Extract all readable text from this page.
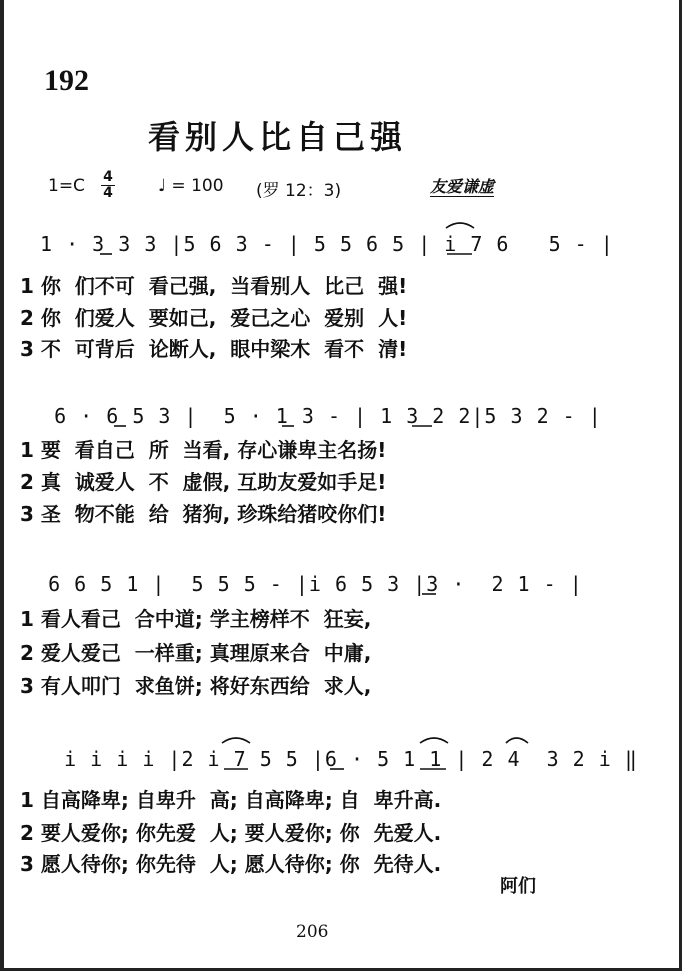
192
看别人比自己强
1=C 4
4	♩ = 100 (罗 12：3)	友爱谦虚
1 · 3 3 3 |5 6 3 - | 5 5 6 5 | i 7 6   5 - |
1 你  们不可  看己强,  当看别人  比己  强!
2 你  们爱人  要如己,  爱己之心  爱别  人!
3 不  可背后  论断人,  眼中梁木  看不  清!
6 · 6 5 3 |  5 · 1 3 - | 1 3 2 2|5 3 2 - |
1 要  看自己  所  当看, 存心谦卑主名扬!
2 真  诚爱人  不  虚假, 互助友爱如手足!
3 圣  物不能  给  猪狗, 珍珠给猪咬你们!
6 6 5 1 |  5 5 5 - |i 6 5 3 |3 ·  2 1 - |
1 看人看己  合中道; 学主榜样不  狂妄,
2 爱人爱己  一样重; 真理原来合  中庸,
3 有人叩门  求鱼饼; 将好东西给  求人,
i i i i |2 i 7 5 5 |6 · 5 1 1 | 2 4  3 2 i ‖
1 自高降卑; 自卑升  高; 自高降卑; 自  卑升高.
2 要人爱你; 你先爱  人; 要人爱你; 你  先爱人.
3 愿人待你; 你先待  人; 愿人待你; 你  先待人.
阿们
206
